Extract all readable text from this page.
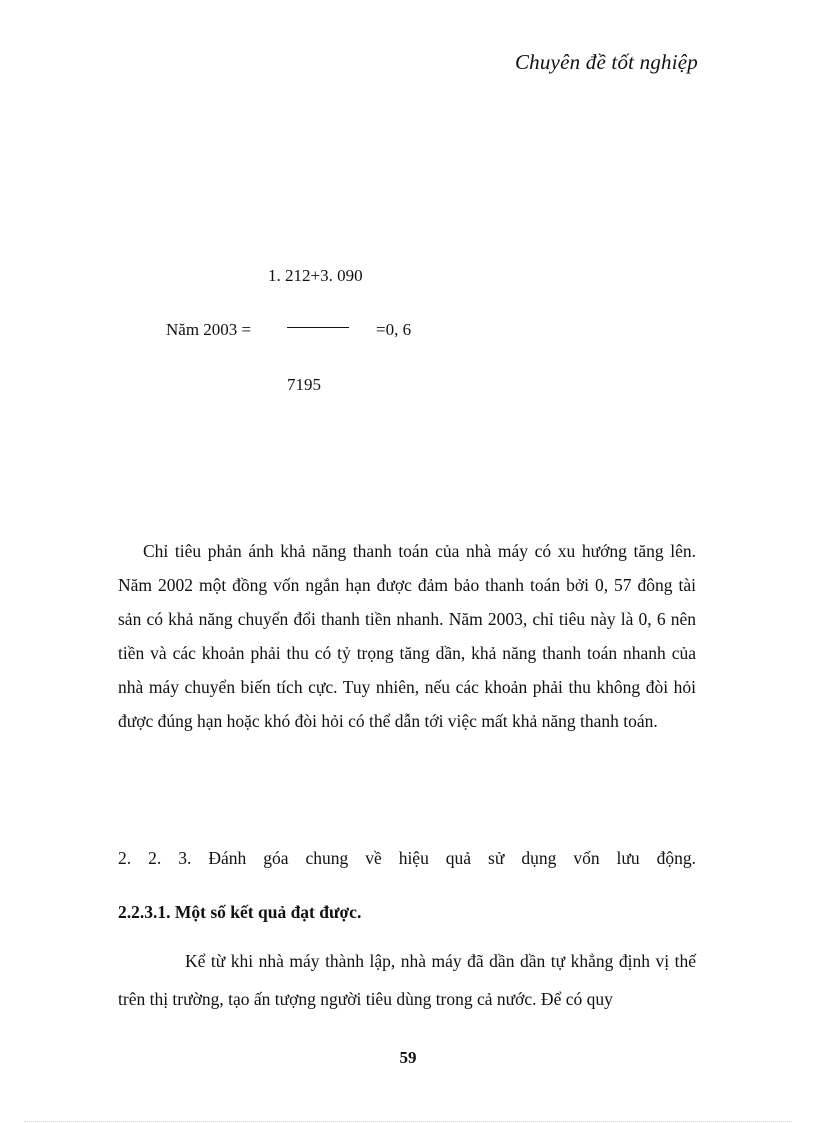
Chuyên đề tốt nghiệp
1. 212+3. 090
Năm 2003 =	=0, 6
7195

Chỉ tiêu phản ánh khả năng thanh toán của nhà máy có xu hướng tăng lên. Năm 2002 một đồng vốn ngắn hạn được đảm bảo thanh toán bởi 0, 57 đông tài sản có khả năng chuyển đổi thanh tiền nhanh. Năm 2003, chỉ tiêu này là 0, 6 nên tiền và các khoản phải thu có tỷ trọng tăng dần, khả năng thanh toán nhanh của nhà máy chuyển biến tích cực. Tuy nhiên, nếu các khoản phải thu không đòi hỏi được đúng hạn hoặc khó đòi hỏi có thể dẫn tới việc mất khả năng thanh toán.

2. 2. 3. Đánh góa chung về hiệu quả sử dụng vốn lưu động.

2.2.3.1. Một số kết quả đạt được.

Kể từ khi nhà máy thành lập, nhà máy đã dần dần tự khẳng định vị thế trên thị trường, tạo ấn tượng người tiêu dùng trong cả nước. Để có quy

59
